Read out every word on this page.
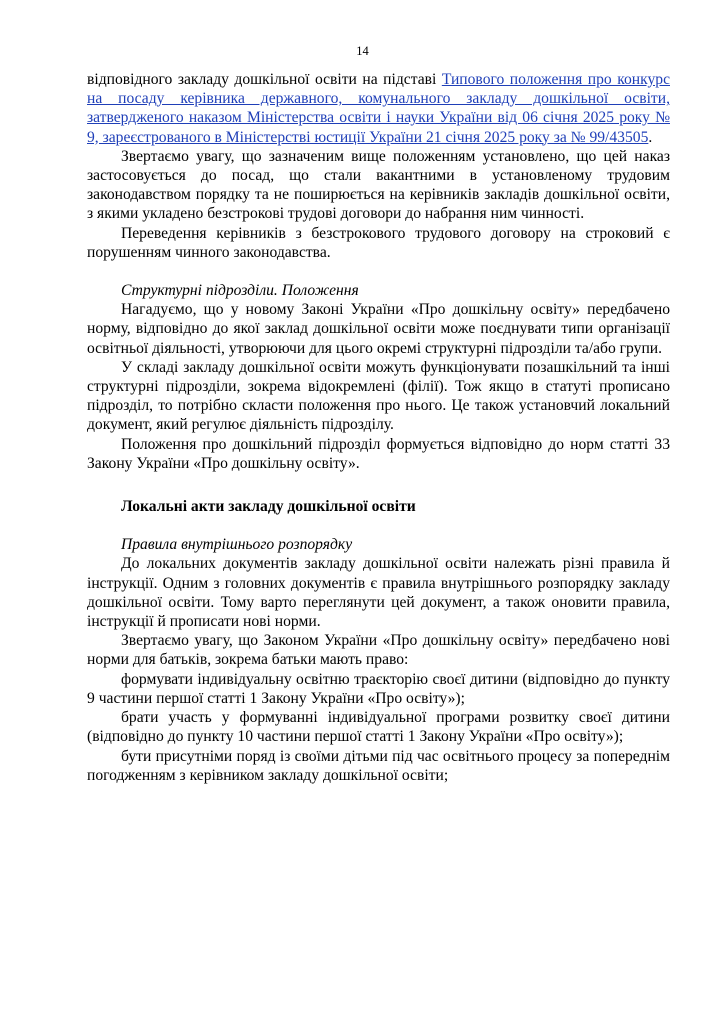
14

відповідного закладу дошкільної освіти на підставі Типового положення про конкурс на посаду керівника державного, комунального закладу дошкільної освіти, затвердженого наказом Міністерства освіти і науки України від 06 січня 2025 року № 9, зареєстрованого в Міністерстві юстиції України 21 січня 2025 року за № 99/43505.

Звертаємо увагу, що зазначеним вище положенням установлено, що цей наказ застосовується до посад, що стали вакантними в установленому трудовим законодавством порядку та не поширюється на керівників закладів дошкільної освіти, з якими укладено безстрокові трудові договори до набрання ним чинності.

Переведення керівників з безстрокового трудового договору на строковий є порушенням чинного законодавства.

Структурні підрозділи. Положення

Нагадуємо, що у новому Законі України «Про дошкільну освіту» передбачено норму, відповідно до якої заклад дошкільної освіти може поєднувати типи організації освітньої діяльності, утворюючи для цього окремі структурні підрозділи та/або групи.

У складі закладу дошкільної освіти можуть функціонувати позашкільний та інші структурні підрозділи, зокрема відокремлені (філії). Тож якщо в статуті прописано підрозділ, то потрібно скласти положення про нього. Це також установчий локальний документ, який регулює діяльність підрозділу.

Положення про дошкільний підрозділ формується відповідно до норм статті 33 Закону України «Про дошкільну освіту».

Локальні акти закладу дошкільної освіти

Правила внутрішнього розпорядку

До локальних документів закладу дошкільної освіти належать різні правила й інструкції. Одним з головних документів є правила внутрішнього розпорядку закладу дошкільної освіти. Тому варто переглянути цей документ, а також оновити правила, інструкції й прописати нові норми.

Звертаємо увагу, що Законом України «Про дошкільну освіту» передбачено нові норми для батьків, зокрема батьки мають право:

формувати індивідуальну освітню траєкторію своєї дитини (відповідно до пункту 9 частини першої статті 1 Закону України «Про освіту»);

брати участь у формуванні індивідуальної програми розвитку своєї дитини (відповідно до пункту 10 частини першої статті 1 Закону України «Про освіту»);

бути присутніми поряд із своїми дітьми під час освітнього процесу за попереднім погодженням з керівником закладу дошкільної освіти;
